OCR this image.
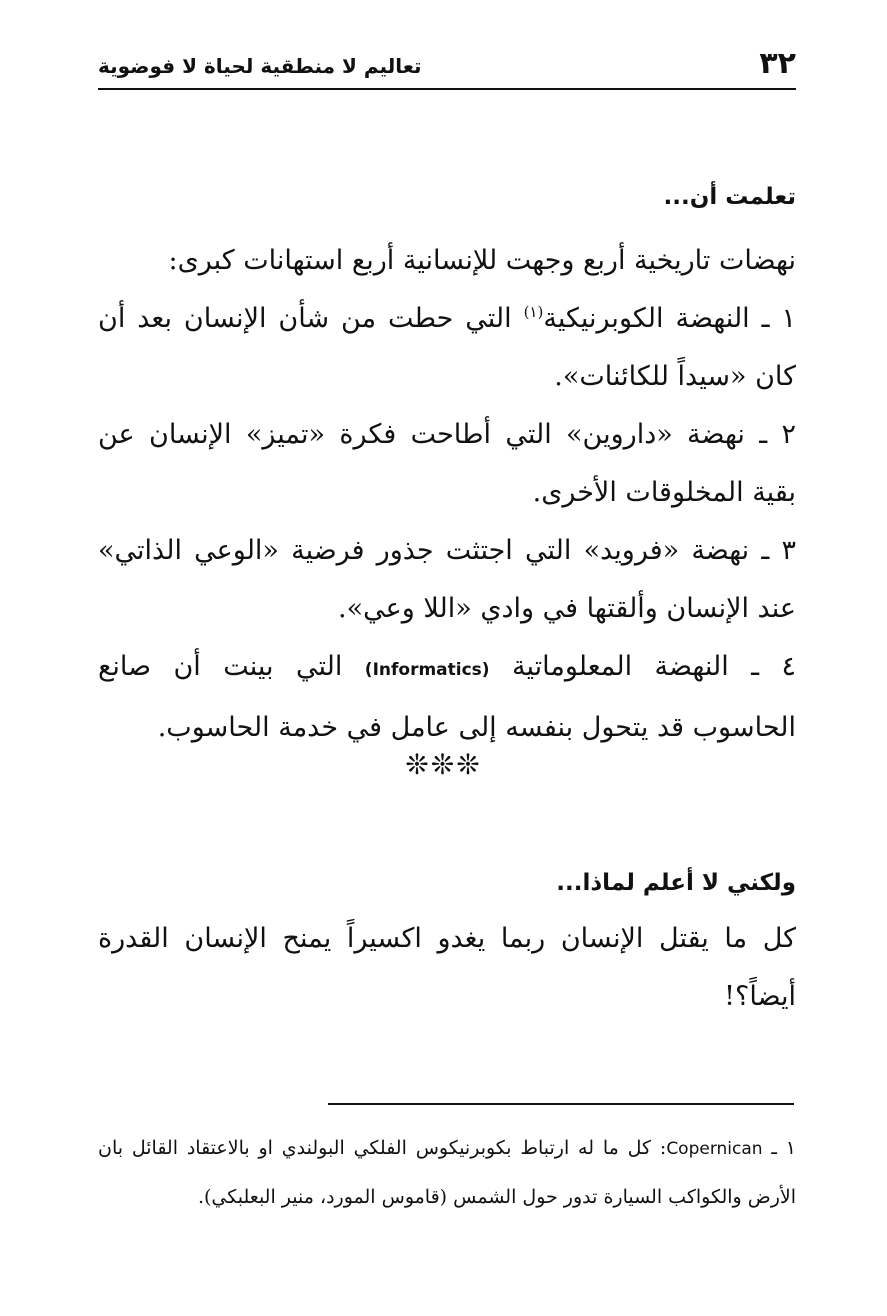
٣٢
تعاليم لا منطقية لحياة لا فوضوية
تعلمت أن...

نهضات تاريخية أربع وجهت للإنسانية أربع استهانات كبرى:

١ ـ النهضة الكوبرنيكية$^{(١)}$ التي حطت من شأن الإنسان بعد أن كان «سيداً للكائنات».

٢ ـ نهضة «داروين» التي أطاحت فكرة «تميز» الإنسان عن بقية المخلوقات الأخرى.

٣ ـ نهضة «فرويد» التي اجتثت جذور فرضية «الوعي الذاتي» عند الإنسان وألقتها في وادي «اللا وعي».

٤ ـ النهضة المعلوماتية (Informatics) التي بينت أن صانع الحاسوب قد يتحول بنفسه إلى عامل في خدمة الحاسوب.

❊❊❊
ولكني لا أعلم لماذا...

كل ما يقتل الإنسان ربما يغدو اكسيراً يمنح الإنسان القدرة أيضاً؟!

١ ـ Copernican: كل ما له ارتباط بكوبرنيكوس الفلكي البولندي او بالاعتقاد القائل بان الأرض والكواكب السيارة تدور حول الشمس (قاموس المورد، منير البعلبكي).
